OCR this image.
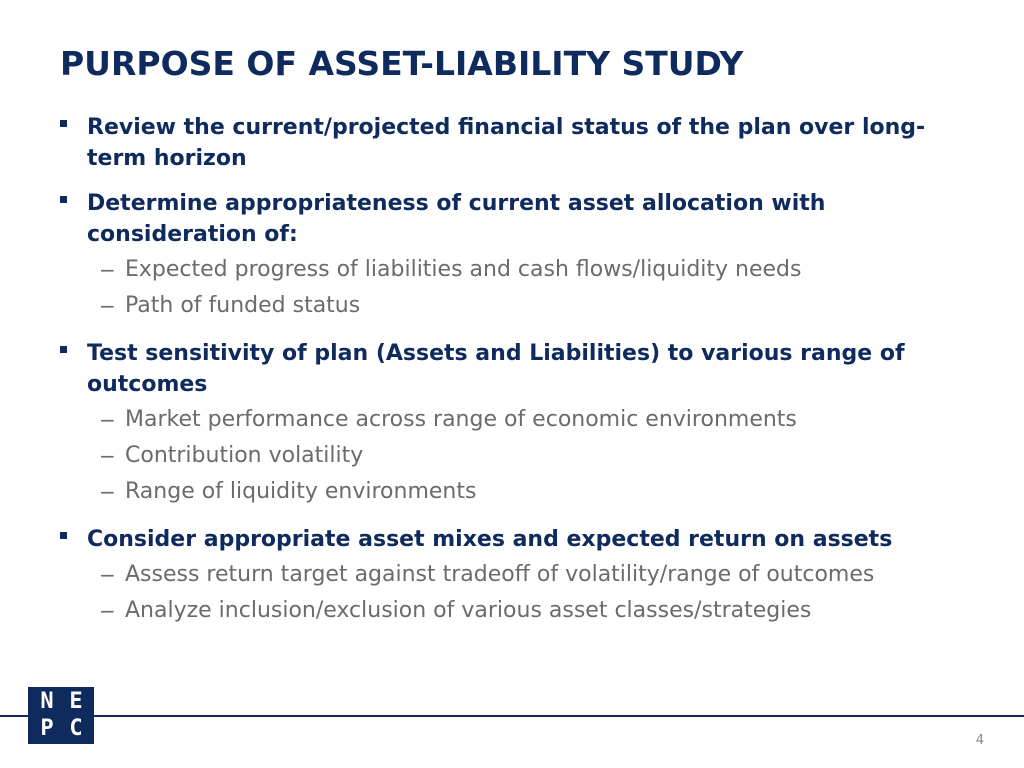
PURPOSE OF ASSET-LIABILITY STUDY
Review the current/projected financial status of the plan over long-term horizon
Determine appropriateness of current asset allocation with consideration of:
− Expected progress of liabilities and cash flows/liquidity needs
− Path of funded status
Test sensitivity of plan (Assets and Liabilities) to various range of outcomes
− Market performance across range of economic environments
− Contribution volatility
− Range of liquidity environments
Consider appropriate asset mixes and expected return on assets
− Assess return target against tradeoff of volatility/range of outcomes
− Analyze inclusion/exclusion of various asset classes/strategies
N E
P C	4
